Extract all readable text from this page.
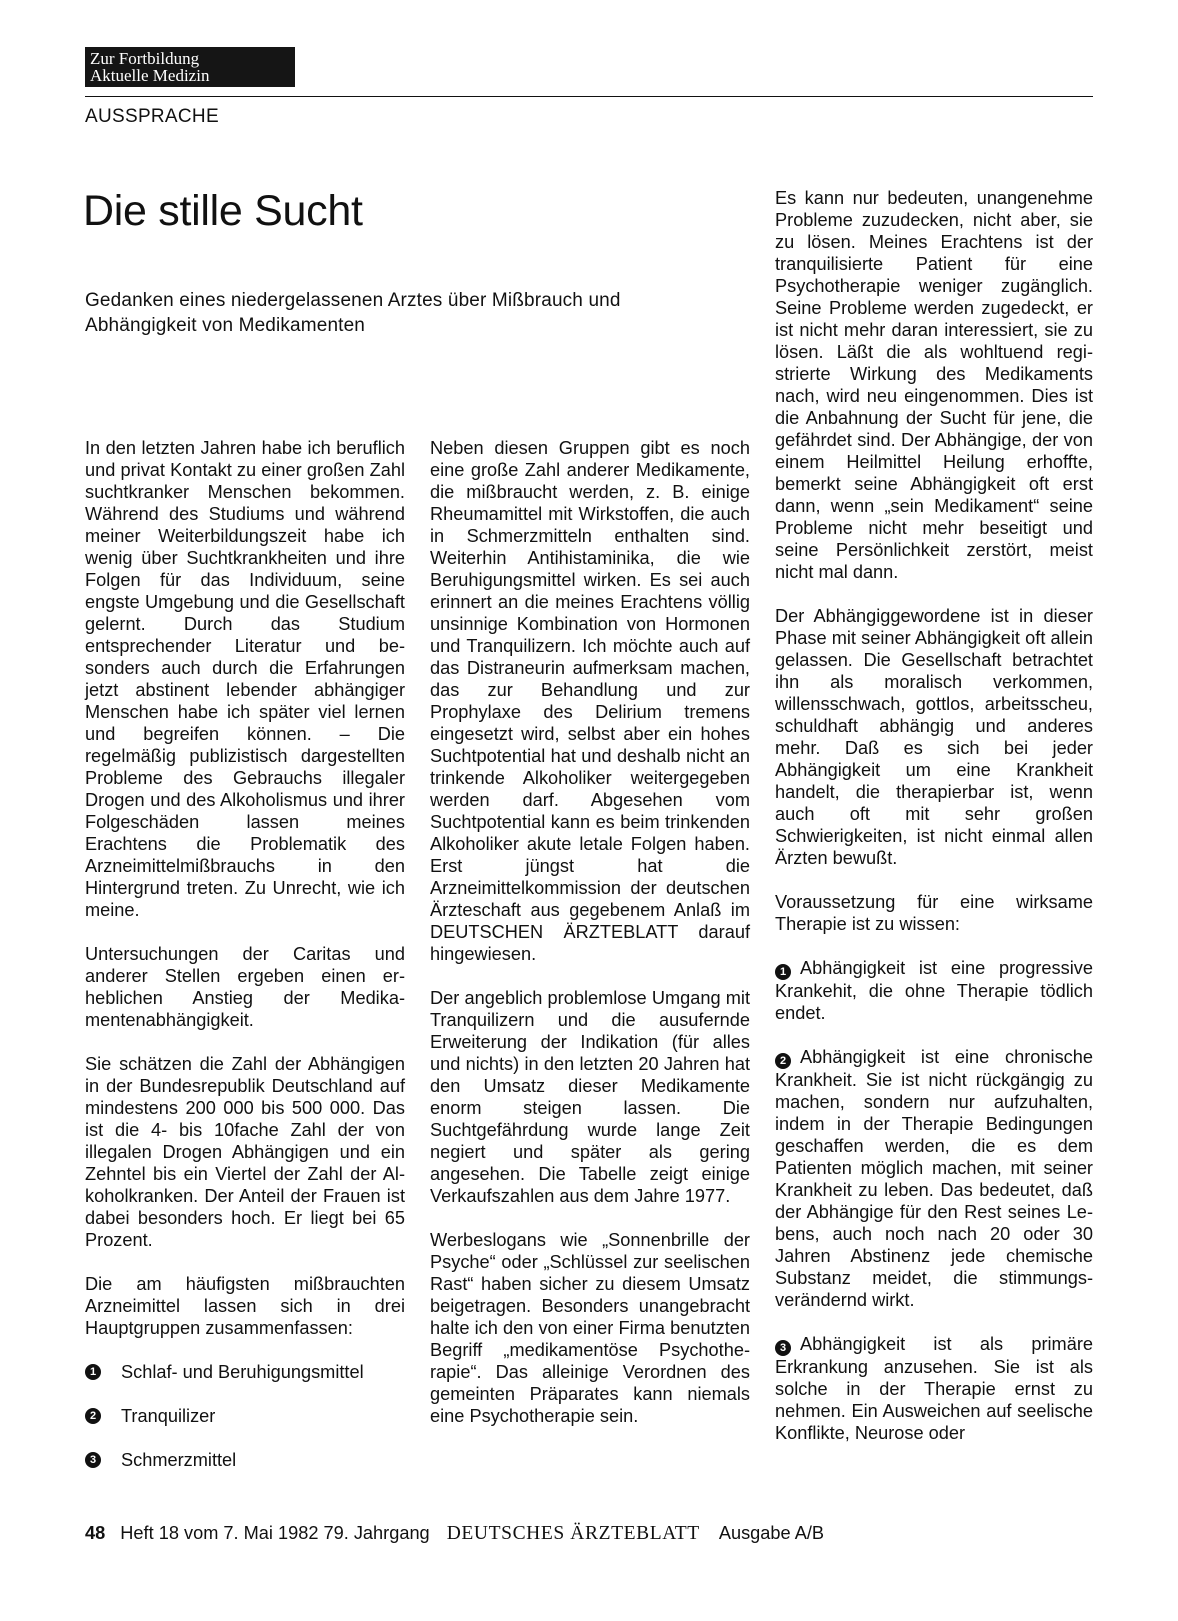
Zur Fortbildung
Aktuelle Medizin
AUSSPRACHE
Die stille Sucht
Gedanken eines niedergelassenen Arztes über Mißbrauch und Abhängigkeit von Medikamenten

In den letzten Jahren habe ich beruflich und privat Kontakt zu einer großen Zahl suchtkranker Menschen bekommen. Während des Studiums und während meiner Weiterbildungszeit habe ich wenig über Suchtkrankheiten und ihre Folgen für das Individuum, seine engste Umgebung und die Gesellschaft gelernt. Durch das Studium entsprechender Literatur und besonders auch durch die Erfahrungen jetzt abstinent lebender abhängiger Menschen habe ich später viel lernen und begreifen können. – Die regelmäßig publizistisch dargestellten Probleme des Gebrauchs illegaler Drogen und des Alkoholismus und ihrer Folgeschäden lassen meines Erachtens die Problematik des Arzneimittelmißbrauchs in den Hintergrund treten. Zu Unrecht, wie ich meine.

Untersuchungen der Caritas und anderer Stellen ergeben einen erheblichen Anstieg der Medikamentenabhängigkeit.

Sie schätzen die Zahl der Abhängigen in der Bundesrepublik Deutschland auf mindestens 200 000 bis 500 000. Das ist die 4- bis 10fache Zahl der von illegalen Drogen Abhängigen und ein Zehntel bis ein Viertel der Zahl der Alkoholkranken. Der Anteil der Frauen ist dabei besonders hoch. Er liegt bei 65 Prozent.

Die am häufigsten mißbrauchten Arzneimittel lassen sich in drei Hauptgruppen zusammenfassen:

1 Schlaf- und Beruhigungsmittel
2 Tranquilizer
3 Schmerzmittel

Neben diesen Gruppen gibt es noch eine große Zahl anderer Medikamente, die mißbraucht werden, z. B. einige Rheumamittel mit Wirkstoffen, die auch in Schmerzmitteln enthalten sind. Weiterhin Antihistaminika, die wie Beruhigungsmittel wirken. Es sei auch erinnert an die meines Erachtens völlig unsinnige Kombination von Hormonen und Tranquilizern. Ich möchte auch auf das Distraneurin aufmerksam machen, das zur Behandlung und zur Prophylaxe des Delirium tremens eingesetzt wird, selbst aber ein hohes Suchtpotential hat und deshalb nicht an trinkende Alkoholiker weitergegeben werden darf. Abgesehen vom Suchtpotential kann es beim trinkenden Alkoholiker akute letale Folgen haben. Erst jüngst hat die Arzneimittelkommission der deutschen Ärzteschaft aus gegebenem Anlaß im DEUTSCHEN ÄRZTEBLATT darauf hingewiesen.

Der angeblich problemlose Umgang mit Tranquilizern und die ausufernde Erweiterung der Indikation (für alles und nichts) in den letzten 20 Jahren hat den Umsatz dieser Medikamente enorm steigen lassen. Die Suchtgefährdung wurde lange Zeit negiert und später als gering angesehen. Die Tabelle zeigt einige Verkaufszahlen aus dem Jahre 1977.

Werbeslogans wie „Sonnenbrille der Psyche“ oder „Schlüssel zur seelischen Rast“ haben sicher zu diesem Umsatz beigetragen. Besonders unangebracht halte ich den von einer Firma benutzten Begriff „medikamentöse Psychotherapie“. Das alleinige Verordnen des gemeinten Präparates kann niemals eine Psychotherapie sein.

Es kann nur bedeuten, unangenehme Probleme zuzudecken, nicht aber, sie zu lösen. Meines Erachtens ist der tranquilisierte Patient für eine Psychotherapie weniger zugänglich. Seine Probleme werden zugedeckt, er ist nicht mehr daran interessiert, sie zu lösen. Läßt die als wohltuend registrierte Wirkung des Medikaments nach, wird neu eingenommen. Dies ist die Anbahnung der Sucht für jene, die gefährdet sind. Der Abhängige, der von einem Heilmittel Heilung erhoffte, bemerkt seine Abhängigkeit oft erst dann, wenn „sein Medikament“ seine Probleme nicht mehr beseitigt und seine Persönlichkeit zerstört, meist nicht mal dann.

Der Abhängiggewordene ist in dieser Phase mit seiner Abhängigkeit oft allein gelassen. Die Gesellschaft betrachtet ihn als moralisch verkommen, willensschwach, gottlos, arbeitsscheu, schuldhaft abhängig und anderes mehr. Daß es sich bei jeder Abhängigkeit um eine Krankheit handelt, die therapierbar ist, wenn auch oft mit sehr großen Schwierigkeiten, ist nicht einmal allen Ärzten bewußt.

Voraussetzung für eine wirksame Therapie ist zu wissen:

1 Abhängigkeit ist eine progressive Krankehit, die ohne Therapie tödlich endet.

2 Abhängigkeit ist eine chronische Krankheit. Sie ist nicht rückgängig zu machen, sondern nur aufzuhalten, indem in der Therapie Bedingungen geschaffen werden, die es dem Patienten möglich machen, mit seiner Krankheit zu leben. Das bedeutet, daß der Abhängige für den Rest seines Lebens, auch noch nach 20 oder 30 Jahren Abstinenz jede chemische Substanz meidet, die stimmungsverändernd wirkt.

3 Abhängigkeit ist als primäre Erkrankung anzusehen. Sie ist als solche in der Therapie ernst zu nehmen. Ein Ausweichen auf seelische Konflikte, Neurose oder

48 Heft 18 vom 7. Mai 1982 79. Jahrgang DEUTSCHES ÄRZTEBLATT Ausgabe A/B
